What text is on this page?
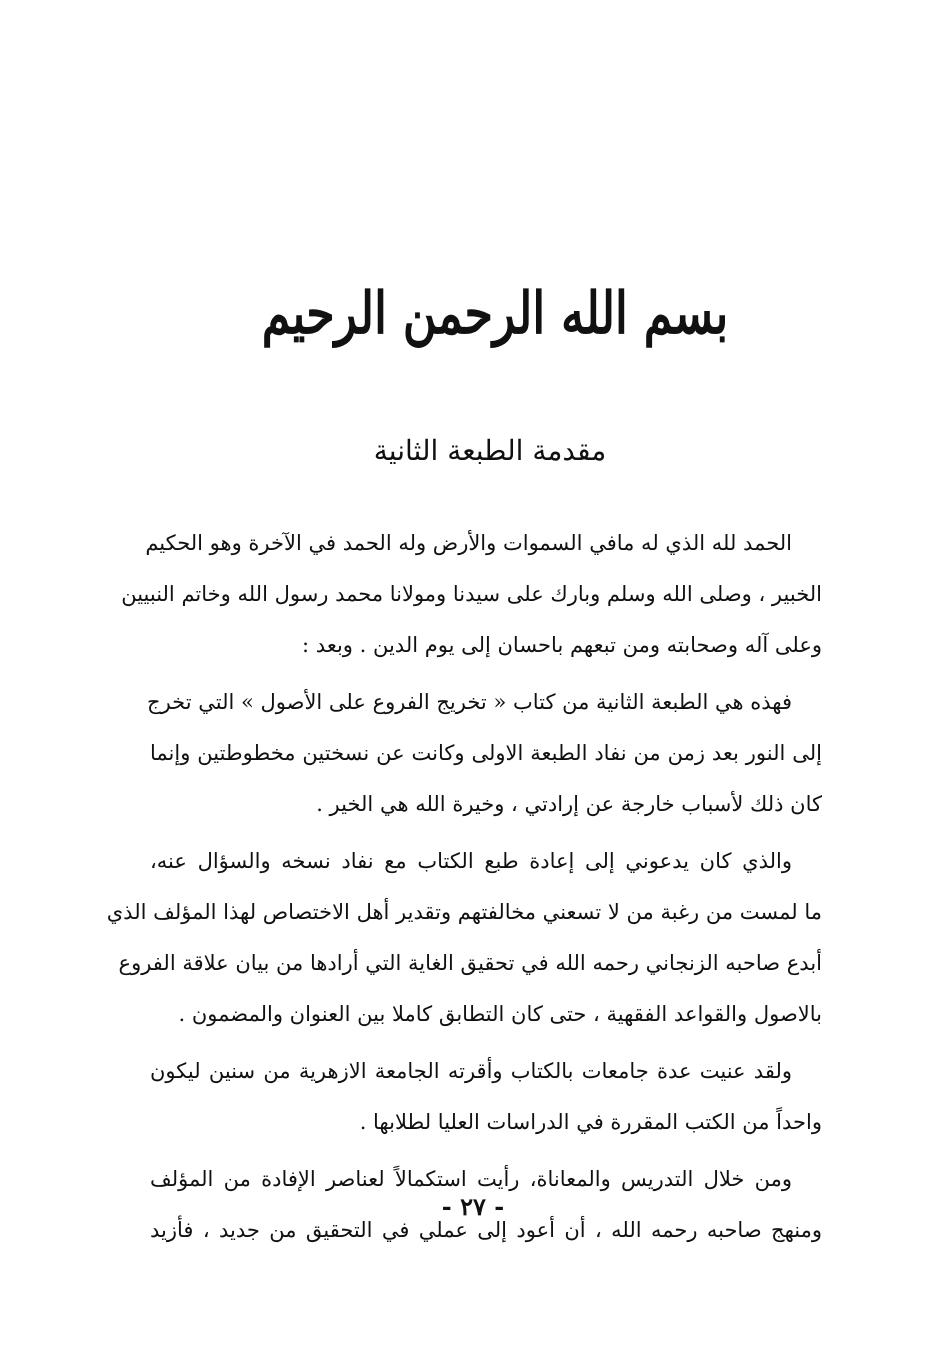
بسم الله الرحمن الرحيم
مقدمة الطبعة الثانية
الحمد لله الذي له مافي السموات والأرض وله الحمد في الآخرة وهو الحكيم
الخبير ، وصلى الله وسلم وبارك على سيدنا ومولانا محمد رسول الله وخاتم النبيين
وعلى آله وصحابته ومن تبعهم باحسان إلى يوم الدين . وبعد :
فهذه هي الطبعة الثانية من كتاب « تخريج الفروع على الأصول » التي تخرج
إلى النور بعد زمن من نفاد الطبعة الاولى وكانت عن نسختين مخطوطتين وإنما
كان ذلك لأسباب خارجة عن إرادتي ، وخيرة الله هي الخير .
والذي كان يدعوني إلى إعادة طبع الكتاب مع نفاد نسخه والسؤال عنه،
ما لمست من رغبة من لا تسعني مخالفتهم وتقدير أهل الاختصاص لهذا المؤلف الذي
أبدع صاحبه الزنجاني رحمه الله في تحقيق الغاية التي أرادها من بيان علاقة الفروع
بالاصول والقواعد الفقهية ، حتى كان التطابق كاملا بين العنوان والمضمون .
ولقد عنيت عدة جامعات بالكتاب وأقرته الجامعة الازهرية من سنين ليكون
واحداً من الكتب المقررة في الدراسات العليا لطلابها .
ومن خلال التدريس والمعاناة، رأيت استكمالاً لعناصر الإفادة من المؤلف
ومنهج صاحبه رحمه الله ، أن أعود إلى عملي في التحقيق من جديد ، فأزيد
- ٢٧ -
